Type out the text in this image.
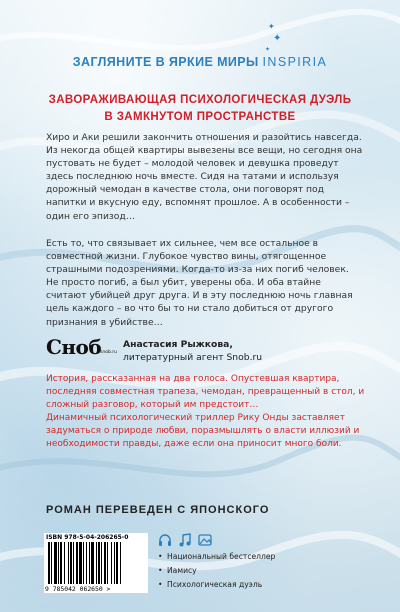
✦
✦
✦
ЗАГЛЯНИТЕ В ЯРКИЕ МИРЫ INSPIRIA
ЗАВОРАЖИВАЮЩАЯ ПСИХОЛОГИЧЕСКАЯ ДУЭЛЬ
В ЗАМКНУТОМ ПРОСТРАНСТВЕ

Хиро и Аки решили закончить отношения и разойтись навсегда. Из некогда общей квартиры вывезены все вещи, но сегодня она пустовать не будет – молодой человек и девушка проведут здесь последнюю ночь вместе. Сидя на татами и используя дорожный чемодан в качестве стола, они поговорят под напитки и вкусную еду, вспомнят прошлое. А в особенности – один его эпизод…

Есть то, что связывает их сильнее, чем все остальное в совместной жизни. Глубокое чувство вины, отягощенное страшными подозрениями. Когда-то из-за них погиб человек. Не просто погиб, а был убит, уверены оба. И оба втайне считают убийцей друг друга. И в эту последнюю ночь главная цель каждого – во что бы то ни стало добиться от другого признания в убийстве…

Сноб
snob.ru
Анастасия Рыжкова,
литературный агент Snob.ru

История, рассказанная на два голоса. Опустевшая квартира, последняя совместная трапеза, чемодан, превращенный в стол, и сложный разговор, который им предстоит…

Динамичный психологический триллер Рику Онды заставляет задуматься о природе любви, поразмышлять о власти иллюзий и необходимости правды, даже если она приносит много боли.

РОМАН ПЕРЕВЕДЕН С ЯПОНСКОГО
ISBN 978-5-04-206265-0
9 785042 062650 >
• Национальный бестселлер
• Иамиcу
• Психологическая дуэль
